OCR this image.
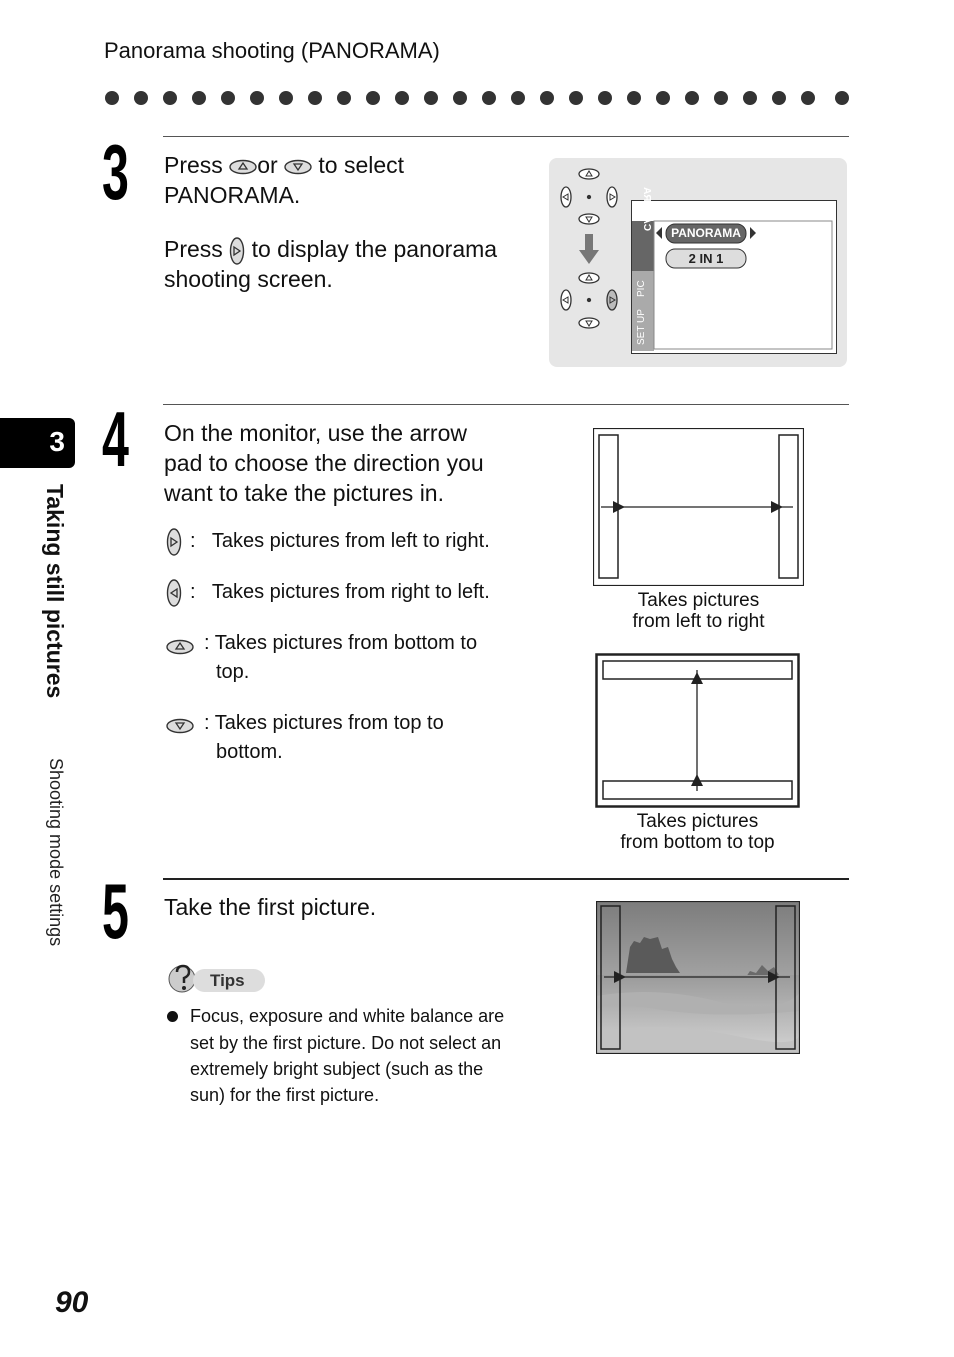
Panorama shooting (PANORAMA)
3
Taking still pictures
Shooting mode settings
3 Press or to select
PANORAMA.
Press to display the panorama
shooting screen.
CAMERA
PIC
SET UP
PANORAMA
2 IN 1
4 On the monitor, use the arrow
pad to choose the direction you
want to take the pictures in.
:   Takes pictures from left to right.
:   Takes pictures from right to left.
: Takes pictures from bottom to
top.
: Takes pictures from top to
bottom.
Takes pictures
from left to right
Takes pictures
from bottom to top
5 Take the first picture.
Tips
Focus, exposure and white balance are
set by the first picture. Do not select an
extremely bright subject (such as the
sun) for the first picture.
90
